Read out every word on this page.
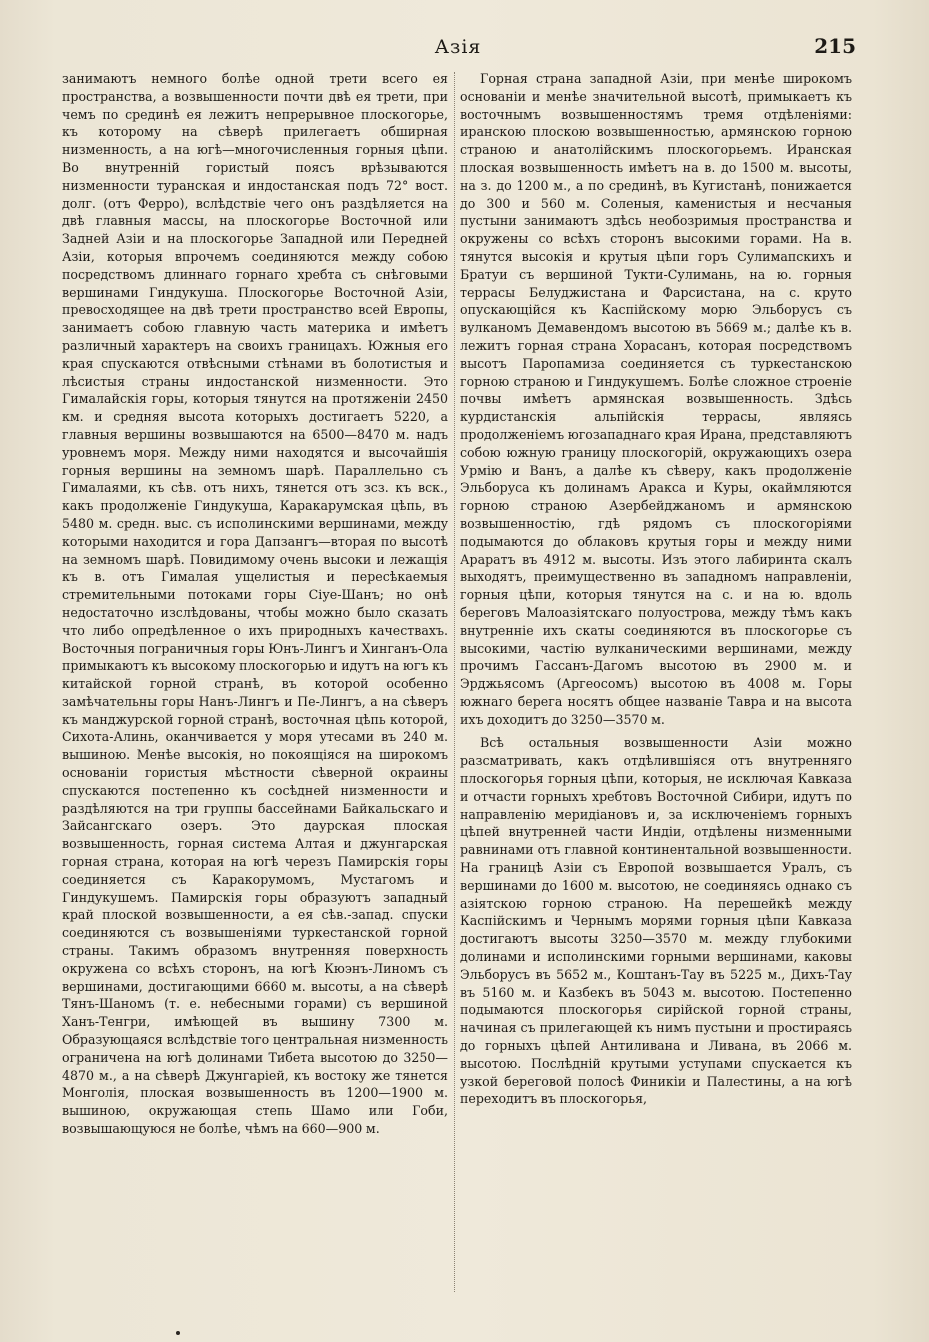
Азія	215

занимаютъ немного болѣе одной трети всего ея пространства, а возвышенности почти двѣ ея трети, при чемъ по срединѣ ея лежитъ непрерывное плоскогорье, къ которому на сѣверѣ прилегаетъ обширная низменность, а на югѣ—многочисленныя горныя цѣпи. Во внутренній гористый поясъ врѣзываются низменности туранская и индостанская подъ 72° вост. долг. (отъ Ферро), вслѣдствіе чего онъ раздѣляется на двѣ главныя массы, на плоскогорье Восточной или Задней Азіи и на плоскогорье Западной или Передней Азіи, которыя впрочемъ соединяются между собою посредствомъ длиннаго горнаго хребта съ снѣговыми вершинами Гиндукуша. Плоскогорье Восточной Азіи, превосходящее на двѣ трети пространство всей Европы, занимаетъ собою главную часть материка и имѣетъ различный характеръ на своихъ границахъ. Южныя его края спускаются отвѣсными стѣнами въ болотистыя и лѣсистыя страны индостанской низменности. Это Гималайскія горы, которыя тянутся на протяженіи 2450 км. и средняя высота которыхъ достигаетъ 5220, а главныя вершины возвышаются на 6500—8470 м. надъ уровнемъ моря. Между ними находятся и высочайшія горныя вершины на земномъ шарѣ. Параллельно съ Гималаями, къ сѣв. отъ нихъ, тянется отъ зсз. къ вск., какъ продолженіе Гиндукуша, Каракарумская цѣпь, въ 5480 м. средн. выс. съ исполинскими вершинами, между которыми находится и гора Дапзангъ—вторая по высотѣ на земномъ шарѣ. Повидимому очень высоки и лежащія къ в. отъ Гималая ущелистыя и пересѣкаемыя стремительными потоками горы Сіуе-Шанъ; но онѣ недостаточно изслѣдованы, чтобы можно было сказать что либо опредѣленное о ихъ природныхъ качествахъ. Восточныя пограничныя горы Юнъ-Лингъ и Хинганъ-Ола примыкаютъ къ высокому плоскогорью и идутъ на югъ къ китайской горной странѣ, въ которой особенно замѣчательны горы Нанъ-Лингъ и Пе-Лингъ, а на сѣверъ къ манджурской горной странѣ, восточная цѣпь которой, Сихота-Алинь, оканчивается у моря утесами въ 240 м. вышиною. Менѣе высокія, но покоящіяся на широкомъ основаніи гористыя мѣстности сѣверной окраины спускаются постепенно къ сосѣдней низменности и раздѣляются на три группы бассейнами Байкальскаго и Зайсангскаго озеръ. Это даурская плоская возвышенность, горная система Алтая и джунгарская горная страна, которая на югѣ черезъ Памирскія горы соединяется съ Каракорумомъ, Мустагомъ и Гиндукушемъ. Памирскія горы образуютъ западный край плоской возвышенности, а ея сѣв.-запад. спуски соединяются съ возвышеніями туркестанской горной страны. Такимъ образомъ внутренняя поверхность окружена со всѣхъ сторонъ, на югѣ Кюэнъ-Линомъ съ вершинами, достигающими 6660 м. высоты, а на сѣверѣ Тянъ-Шаномъ (т. е. небесными горами) съ вершиной Ханъ-Тенгри, имѣющей въ вышину 7300 м. Образующаяся вслѣдствіе того центральная низменность ограничена на югѣ долинами Тибета высотою до 3250—4870 м., а на сѣверѣ Джунгаріей, къ востоку же тянется Монголія, плоская возвышенность въ 1200—1900 м. вышиною, окружающая степь Шамо или Гоби, возвышающуюся не болѣе, чѣмъ на 660—900 м.

Горная страна западной Азіи, при менѣе широкомъ основаніи и менѣе значительной высотѣ, примыкаетъ къ восточнымъ возвышенностямъ тремя отдѣленіями: иранскою плоскою возвышенностью, армянскою горною страною и анатолійскимъ плоскогорьемъ. Иранская плоская возвышенность имѣетъ на в. до 1500 м. высоты, на з. до 1200 м., а по срединѣ, въ Кугистанѣ, понижается до 300 и 560 м. Соленыя, каменистыя и несчаныя пустыни занимаютъ здѣсь необозримыя пространства и окружены со всѣхъ сторонъ высокими горами. На в. тянутся высокія и крутыя цѣпи горъ Сулимапскихъ и Братуи съ вершиной Тукти-Сулимань, на ю. горныя террасы Белуджистана и Фарсистана, на с. круто опускающійся къ Каспійскому морю Эльборусъ съ вулканомъ Демавендомъ высотою въ 5669 м.; далѣе къ в. лежитъ горная страна Хорасанъ, которая посредствомъ высотъ Паропамиза соединяется съ туркестанскою горною страною и Гиндукушемъ. Болѣе сложное строеніе почвы имѣетъ армянская возвышенность. Здѣсь курдистанскія альпійскія террасы, являясь продолженіемъ югозападнаго края Ирана, представляютъ собою южную границу плоскогорій, окружающихъ озера Урмію и Ванъ, а далѣе къ сѣверу, какъ продолженіе Эльборуса къ долинамъ Аракса и Куры, окаймляются горною страною Азербейджаномъ и армянскою возвышенностію, гдѣ рядомъ съ плоскогоріями подымаются до облаковъ крутыя горы и между ними Араратъ въ 4912 м. высоты. Изъ этого лабиринта скалъ выходятъ, преимущественно въ западномъ направленіи, горныя цѣпи, которыя тянутся на с. и на ю. вдоль береговъ Малоазіятскаго полуострова, между тѣмъ какъ внутренніе ихъ скаты соединяются въ плоскогорье съ высокими, частію вулканическими вершинами, между прочимъ Гассанъ-Дагомъ высотою въ 2900 м. и Эрджьясомъ (Аргеосомъ) высотою въ 4008 м. Горы южнаго берега носятъ общее названіе Тавра и на высота ихъ доходитъ до 3250—3570 м.

Всѣ остальныя возвышенности Азіи можно разсматривать, какъ отдѣлившіяся отъ внутренняго плоскогорья горныя цѣпи, которыя, не исключая Кавказа и отчасти горныхъ хребтовъ Восточной Сибири, идутъ по направленію меридіановъ и, за исключеніемъ горныхъ цѣпей внутренней части Индіи, отдѣлены низменными равнинами отъ главной континентальной возвышенности. На границѣ Азіи съ Европой возвышается Уралъ, съ вершинами до 1600 м. высотою, не соединяясь однако съ азіятскою горною страною. На перешейкѣ между Каспійскимъ и Чернымъ морями горныя цѣпи Кавказа достигаютъ высоты 3250—3570 м. между глубокими долинами и исполинскими горными вершинами, каковы Эльборусъ въ 5652 м., Коштанъ-Тау въ 5225 м., Дихъ-Тау въ 5160 м. и Казбекъ въ 5043 м. высотою. Постепенно подымаются плоскогорья сирійской горной страны, начиная съ прилегающей къ нимъ пустыни и простираясь до горныхъ цѣпей Антиливана и Ливана, въ 2066 м. высотою. Послѣдній крутыми уступами спускается къ узкой береговой полосѣ Финикіи и Палестины, а на югѣ переходитъ въ плоскогорья,
